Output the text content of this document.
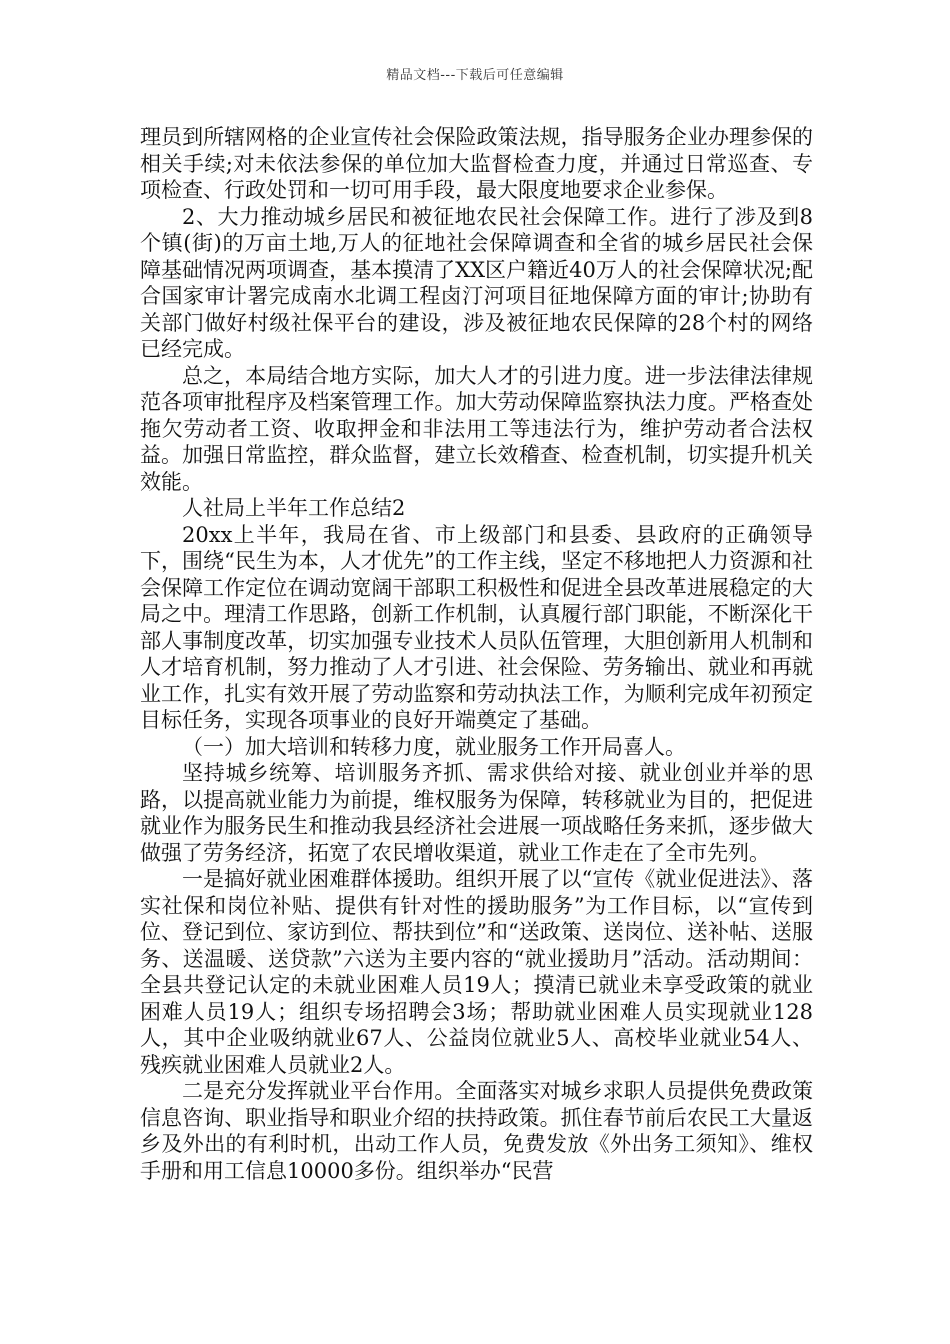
精品文档---下载后可任意编辑

理员到所辖网格的企业宣传社会保险政策法规，指导服务企业办理参保的相关手续;对未依法参保的单位加大监督检查力度，并通过日常巡查、专项检查、行政处罚和一切可用手段，最大限度地要求企业参保。

2、大力推动城乡居民和被征地农民社会保障工作。进行了涉及到8个镇(街)的万亩土地,万人的征地社会保障调查和全省的城乡居民社会保障基础情况两项调查，基本摸清了XX区户籍近40万人的社会保障状况;配合国家审计署完成南水北调工程卤汀河项目征地保障方面的审计;协助有关部门做好村级社保平台的建设，涉及被征地农民保障的28个村的网络已经完成。

总之，本局结合地方实际，加大人才的引进力度。进一步法律法律规范各项审批程序及档案管理工作。加大劳动保障监察执法力度。严格查处拖欠劳动者工资、收取押金和非法用工等违法行为，维护劳动者合法权益。加强日常监控，群众监督，建立长效稽查、检查机制，切实提升机关效能。

人社局上半年工作总结2

20xx上半年，我局在省、市上级部门和县委、县政府的正确领导下，围绕“民生为本，人才优先”的工作主线，坚定不移地把人力资源和社会保障工作定位在调动宽阔干部职工积极性和促进全县改革进展稳定的大局之中。理清工作思路，创新工作机制，认真履行部门职能，不断深化干部人事制度改革，切实加强专业技术人员队伍管理，大胆创新用人机制和人才培育机制，努力推动了人才引进、社会保险、劳务输出、就业和再就业工作，扎实有效开展了劳动监察和劳动执法工作，为顺利完成年初预定目标任务，实现各项事业的良好开端奠定了基础。

（一）加大培训和转移力度，就业服务工作开局喜人。

坚持城乡统筹、培训服务齐抓、需求供给对接、就业创业并举的思路，以提高就业能力为前提，维权服务为保障，转移就业为目的，把促进就业作为服务民生和推动我县经济社会进展一项战略任务来抓，逐步做大做强了劳务经济，拓宽了农民增收渠道，就业工作走在了全市先列。

一是搞好就业困难群体援助。组织开展了以“宣传《就业促进法》、落实社保和岗位补贴、提供有针对性的援助服务”为工作目标，以“宣传到位、登记到位、家访到位、帮扶到位”和“送政策、送岗位、送补帖、送服务、送温暖、送贷款”六送为主要内容的“就业援助月”活动。活动期间：全县共登记认定的未就业困难人员19人；摸清已就业未享受政策的就业困难人员19人；组织专场招聘会3场；帮助就业困难人员实现就业128人，其中企业吸纳就业67人、公益岗位就业5人、高校毕业就业54人、残疾就业困难人员就业2人。

二是充分发挥就业平台作用。全面落实对城乡求职人员提供免费政策信息咨询、职业指导和职业介绍的扶持政策。抓住春节前后农民工大量返乡及外出的有利时机，出动工作人员，免费发放《外出务工须知》、维权手册和用工信息10000多份。组织举办“民营
